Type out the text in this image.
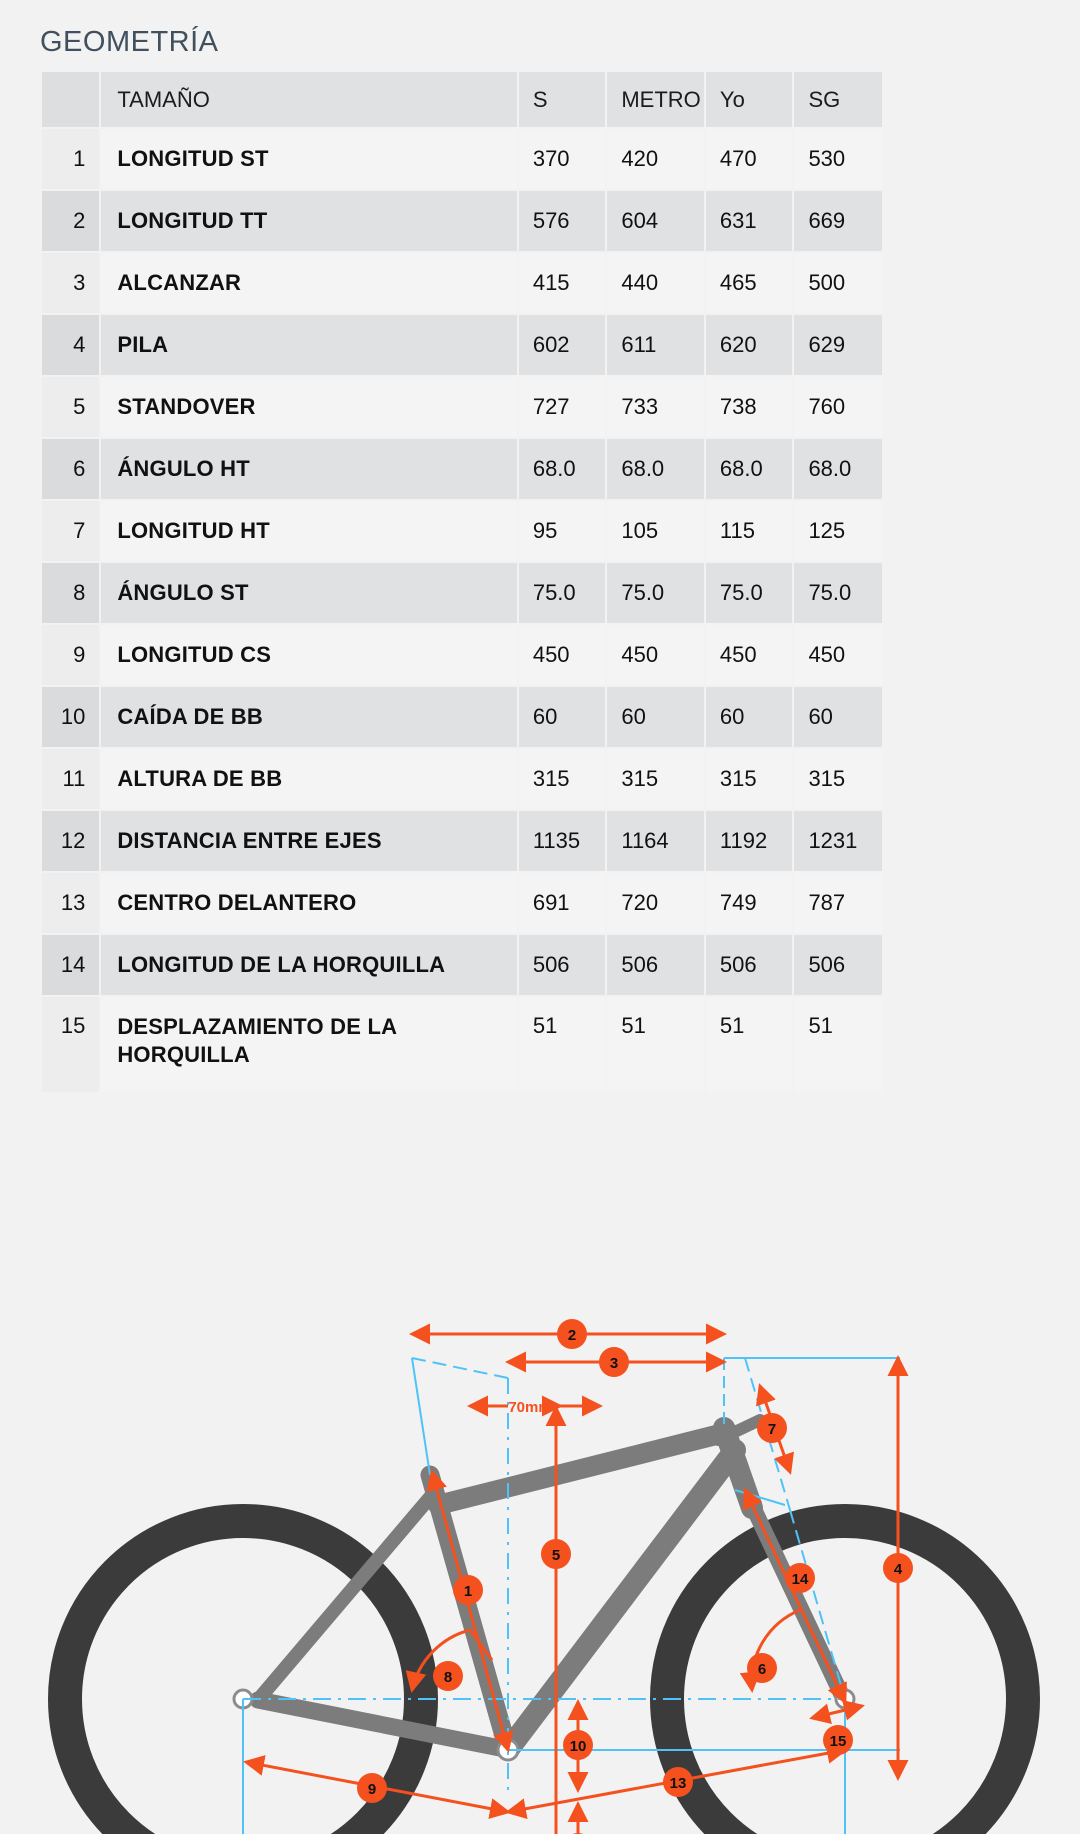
GEOMETRÍA
	TAMAÑO	S	METRO	Yo	SG
1	LONGITUD ST	370	420	470	530
2	LONGITUD TT	576	604	631	669
3	ALCANZAR	415	440	465	500
4	PILA	602	611	620	629
5	STANDOVER	727	733	738	760
6	ÁNGULO HT	68.0	68.0	68.0	68.0
7	LONGITUD HT	95	105	115	125
8	ÁNGULO ST	75.0	75.0	75.0	75.0
9	LONGITUD CS	450	450	450	450
10	CAÍDA DE BB	60	60	60	60
11	ALTURA DE BB	315	315	315	315
12	DISTANCIA ENTRE EJES	1135	1164	1192	1231
13	CENTRO DELANTERO	691	720	749	787
14	LONGITUD DE LA HORQUILLA	506	506	506	506
15	DESPLAZAMIENTO DE LA HORQUILLA	51	51	51	51
70mm
2
3
7
5
1
4
14
8	6
10	15
9	13
